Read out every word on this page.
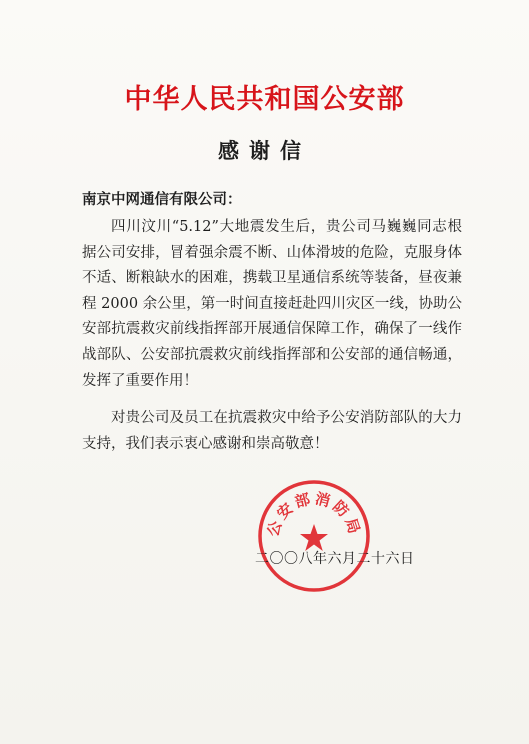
中华人民共和国公安部
感谢信
南京中网通信有限公司：

四川汶川“5.12”大地震发生后，贵公司马巍巍同志根据公司安排，冒着强余震不断、山体滑坡的危险，克服身体不适、断粮缺水的困难，携载卫星通信系统等装备，昼夜兼程 2000 余公里，第一时间直接赶赴四川灾区一线，协助公安部抗震救灾前线指挥部开展通信保障工作，确保了一线作战部队、公安部抗震救灾前线指挥部和公安部的通信畅通，发挥了重要作用！

对贵公司及员工在抗震救灾中给予公安消防部队的大力支持，我们表示衷心感谢和崇高敬意！

公安部消防局
二〇〇八年六月二十六日
